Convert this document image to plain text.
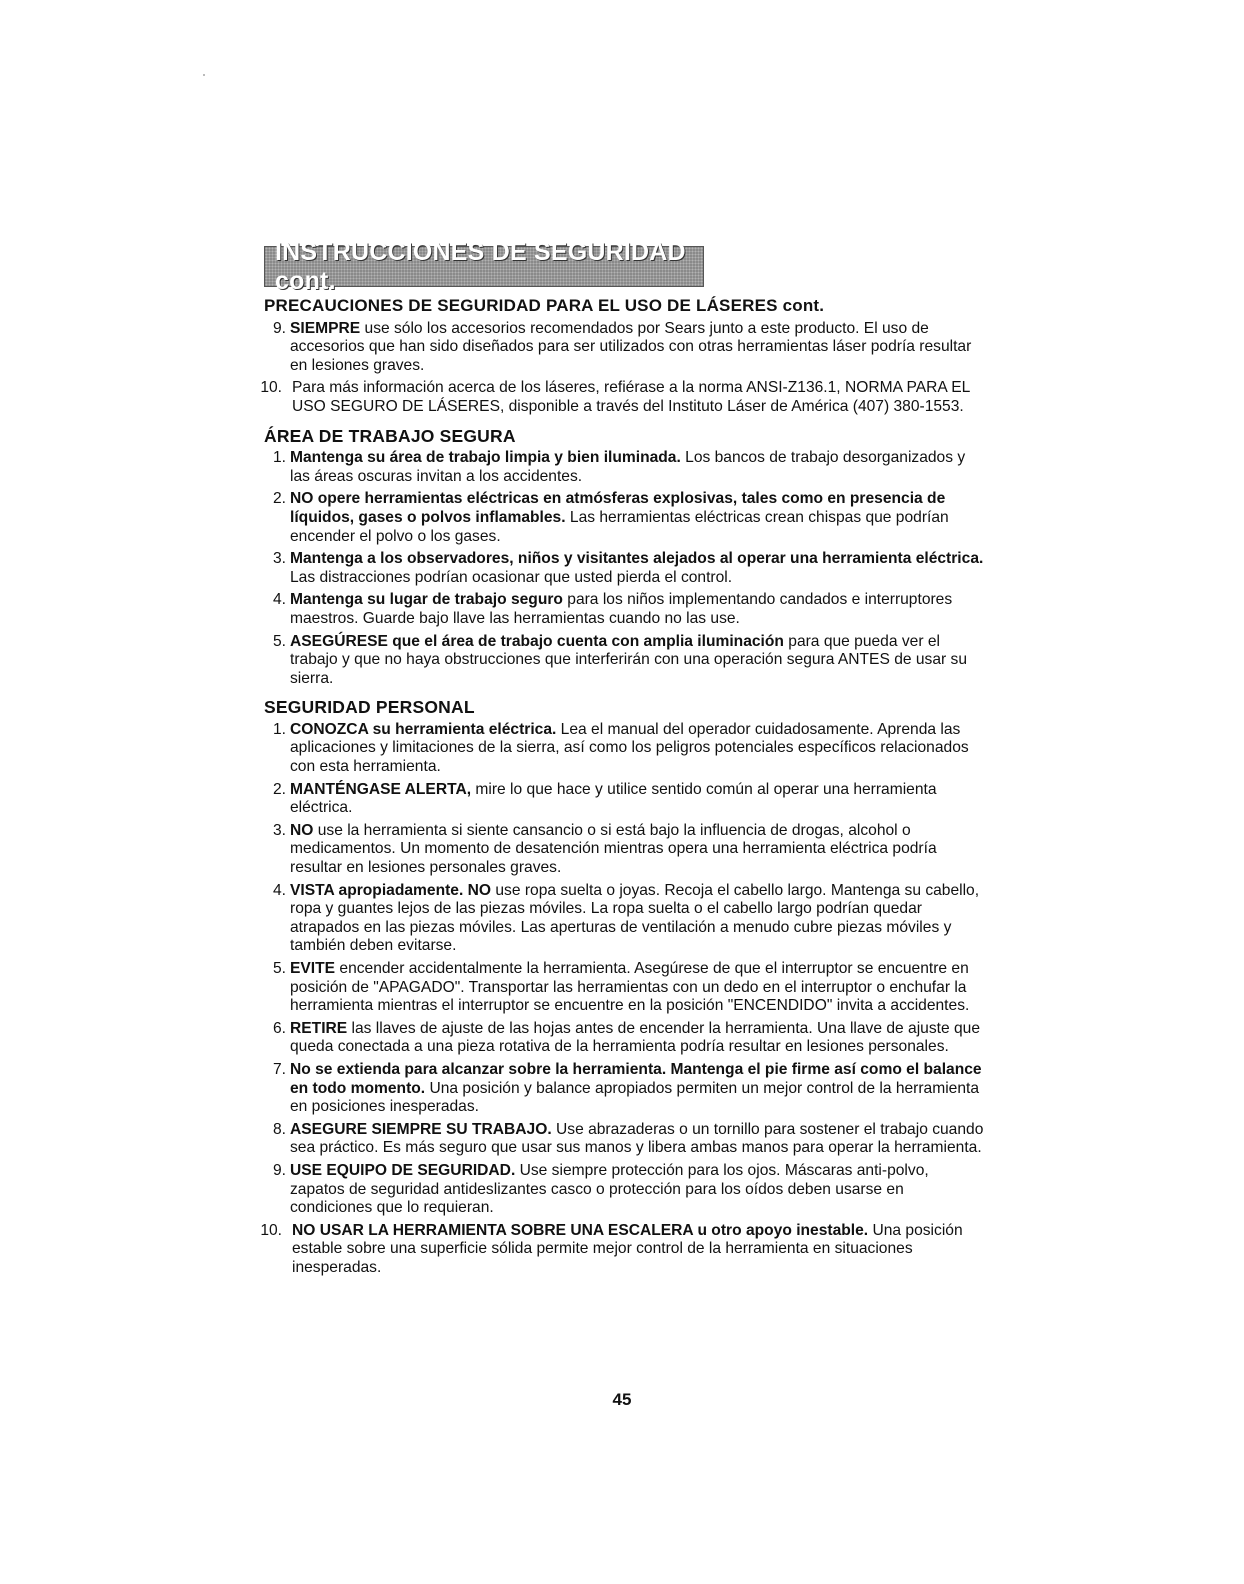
INSTRUCCIONES DE SEGURIDAD cont.
PRECAUCIONES DE SEGURIDAD PARA EL USO DE LÁSERES cont.
9. SIEMPRE use sólo los accesorios recomendados por Sears junto a este producto. El uso de accesorios que han sido diseñados para ser utilizados con otras herramientas láser podría resultar en lesiones graves.
10. Para más información acerca de los láseres, refiérase a la norma ANSI-Z136.1, NORMA PARA EL USO SEGURO DE LÁSERES, disponible a través del Instituto Láser de América (407) 380-1553.
ÁREA DE TRABAJO SEGURA
1. Mantenga su área de trabajo limpia y bien iluminada. Los bancos de trabajo desorganizados y las áreas oscuras invitan a los accidentes.
2. NO opere herramientas eléctricas en atmósferas explosivas, tales como en presencia de líquidos, gases o polvos inflamables. Las herramientas eléctricas crean chispas que podrían encender el polvo o los gases.
3. Mantenga a los observadores, niños y visitantes alejados al operar una herramienta eléctrica. Las distracciones podrían ocasionar que usted pierda el control.
4. Mantenga su lugar de trabajo seguro para los niños implementando candados e interruptores maestros. Guarde bajo llave las herramientas cuando no las use.
5. ASEGÚRESE que el área de trabajo cuenta con amplia iluminación para que pueda ver el trabajo y que no haya obstrucciones que interferirán con una operación segura ANTES de usar su sierra.
SEGURIDAD PERSONAL
1. CONOZCA su herramienta eléctrica. Lea el manual del operador cuidadosamente. Aprenda las aplicaciones y limitaciones de la sierra, así como los peligros potenciales específicos relacionados con esta herramienta.
2. MANTÉNGASE ALERTA, mire lo que hace y utilice sentido común al operar una herramienta eléctrica.
3. NO use la herramienta si siente cansancio o si está bajo la influencia de drogas, alcohol o medicamentos. Un momento de desatención mientras opera una herramienta eléctrica podría resultar en lesiones personales graves.
4. VISTA apropiadamente. NO use ropa suelta o joyas. Recoja el cabello largo. Mantenga su cabello, ropa y guantes lejos de las piezas móviles. La ropa suelta o el cabello largo podrían quedar atrapados en las piezas móviles. Las aperturas de ventilación a menudo cubre piezas móviles y también deben evitarse.
5. EVITE encender accidentalmente la herramienta. Asegúrese de que el interruptor se encuentre en posición de "APAGADO". Transportar las herramientas con un dedo en el interruptor o enchufar la herramienta mientras el interruptor se encuentre en la posición "ENCENDIDO" invita a accidentes.
6. RETIRE las llaves de ajuste de las hojas antes de encender la herramienta. Una llave de ajuste que queda conectada a una pieza rotativa de la herramienta podría resultar en lesiones personales.
7. No se extienda para alcanzar sobre la herramienta. Mantenga el pie firme así como el balance en todo momento. Una posición y balance apropiados permiten un mejor control de la herramienta en posiciones inesperadas.
8. ASEGURE SIEMPRE SU TRABAJO. Use abrazaderas o un tornillo para sostener el trabajo cuando sea práctico. Es más seguro que usar sus manos y libera ambas manos para operar la herramienta.
9. USE EQUIPO DE SEGURIDAD. Use siempre protección para los ojos. Máscaras anti-polvo, zapatos de seguridad antideslizantes casco o protección para los oídos deben usarse en condiciones que lo requieran.
10. NO USAR LA HERRAMIENTA SOBRE UNA ESCALERA u otro apoyo inestable. Una posición estable sobre una superficie sólida permite mejor control de la herramienta en situaciones inesperadas.
45
